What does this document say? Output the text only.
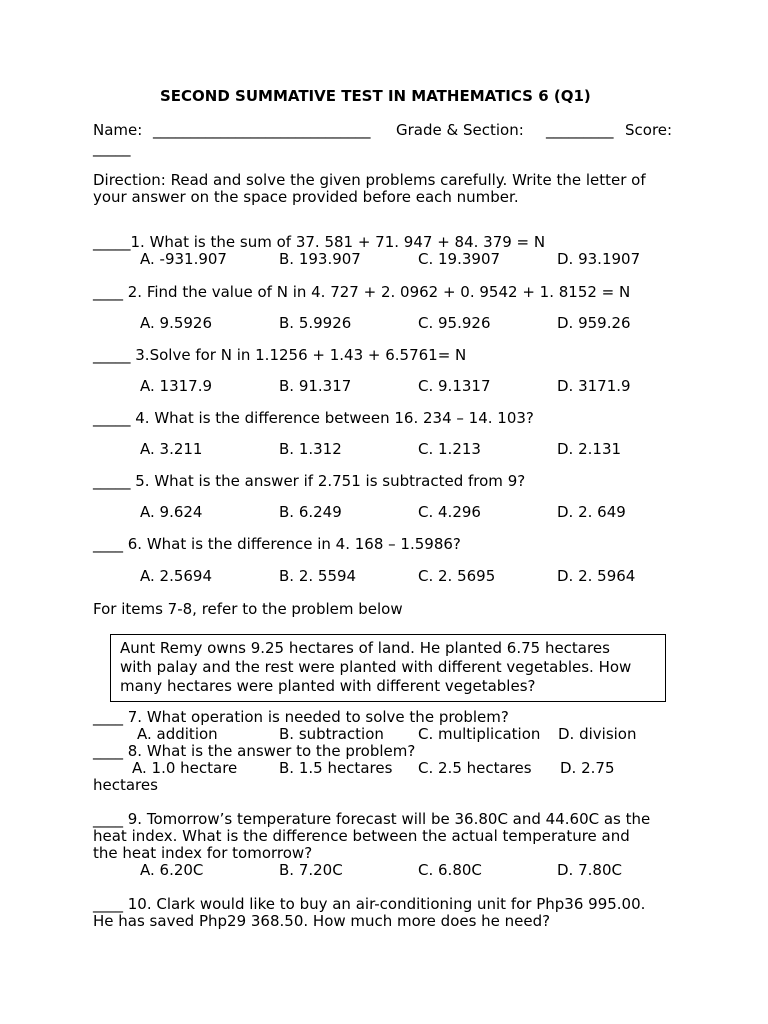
SECOND SUMMATIVE TEST IN MATHEMATICS 6 (Q1)
Name: _____________________________ Grade & Section: _________ Score:
_____
Direction: Read and solve the given problems carefully. Write the letter of
your answer on the space provided before each number.
_____1. What is the sum of 37. 581 + 71. 947 + 84. 379 = N
A. -931.907	B. 193.907	C. 19.3907	D. 93.1907
____ 2. Find the value of N in 4. 727 + 2. 0962 + 0. 9542 + 1. 8152 = N
A. 9.5926	B. 5.9926	C. 95.926	D. 959.26
_____ 3.Solve for N in 1.1256 + 1.43 + 6.5761= N
A. 1317.9	B. 91.317	C. 9.1317	D. 3171.9
_____ 4. What is the difference between 16. 234 – 14. 103?
A. 3.211	B. 1.312	C. 1.213	D. 2.131
_____ 5. What is the answer if 2.751 is subtracted from 9?
A. 9.624	B. 6.249	C. 4.296	D. 2. 649
____ 6. What is the difference in 4. 168 – 1.5986?
A. 2.5694	B. 2. 5594	C. 2. 5695	D. 2. 5964
For items 7-8, refer to the problem below
Aunt Remy owns 9.25 hectares of land. He planted 6.75 hectares
with palay and the rest were planted with different vegetables. How
many hectares were planted with different vegetables?
____ 7. What operation is needed to solve the problem?
A. addition	B. subtraction C. multiplication D. division
____ 8. What is the answer to the problem?
A. 1.0 hectare	B. 1.5 hectares C. 2.5 hectares D. 2.75
hectares
____ 9. Tomorrow’s temperature forecast will be 36.80C and 44.60C as the
heat index. What is the difference between the actual temperature and
the heat index for tomorrow?
A. 6.20C	B. 7.20C	C. 6.80C	D. 7.80C
____ 10. Clark would like to buy an air-conditioning unit for Php36 995.00.
He has saved Php29 368.50. How much more does he need?
